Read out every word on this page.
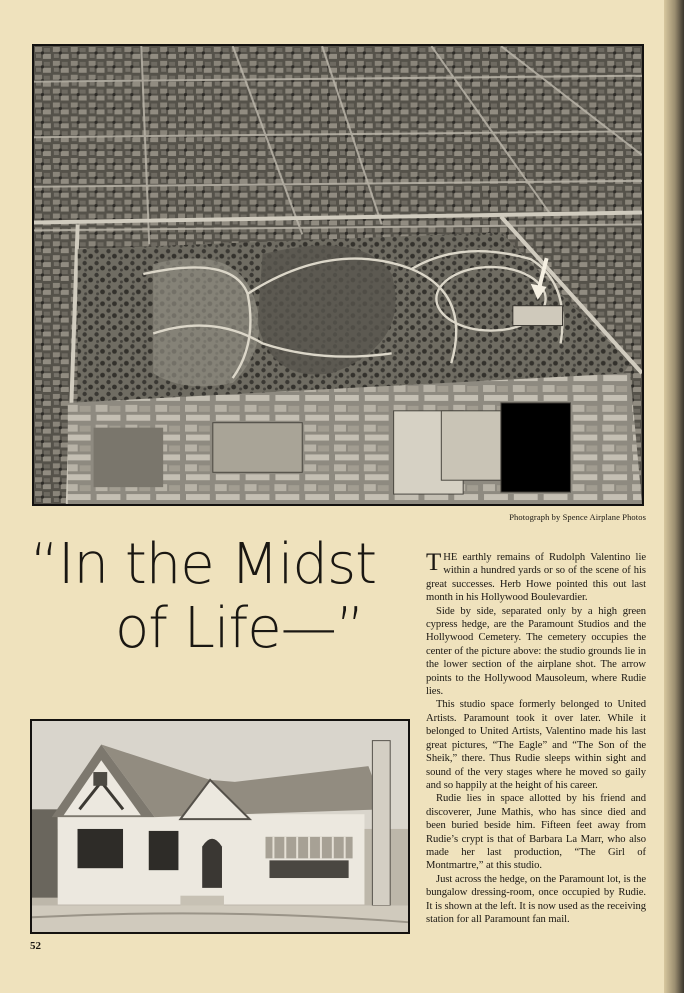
Photograph by Spence Airplane Photos
“In the Midst
of Life—”

THE earthly remains of Rudolph Valentino lie within a hundred yards or so of the scene of his great successes. Herb Howe pointed this out last month in his Hollywood Boulevardier.

Side by side, separated only by a high green cypress hedge, are the Paramount Studios and the Hollywood Cemetery. The cemetery occupies the center of the picture above: the studio grounds lie in the lower section of the airplane shot. The arrow points to the Hollywood Mausoleum, where Rudie lies.

This studio space formerly belonged to United Artists. Paramount took it over later. While it belonged to United Artists, Valentino made his last great pictures, “The Eagle” and “The Son of the Sheik,” there. Thus Rudie sleeps within sight and sound of the very stages where he moved so gaily and so happily at the height of his career.

Rudie lies in space allotted by his friend and discoverer, June Mathis, who has since died and been buried beside him. Fifteen feet away from Rudie’s crypt is that of Barbara La Marr, who also made her last production, “The Girl of Montmartre,” at this studio.

Just across the hedge, on the Paramount lot, is the bungalow dressing-room, once occupied by Rudie. It is shown at the left. It is now used as the receiving station for all Paramount fan mail.

52
